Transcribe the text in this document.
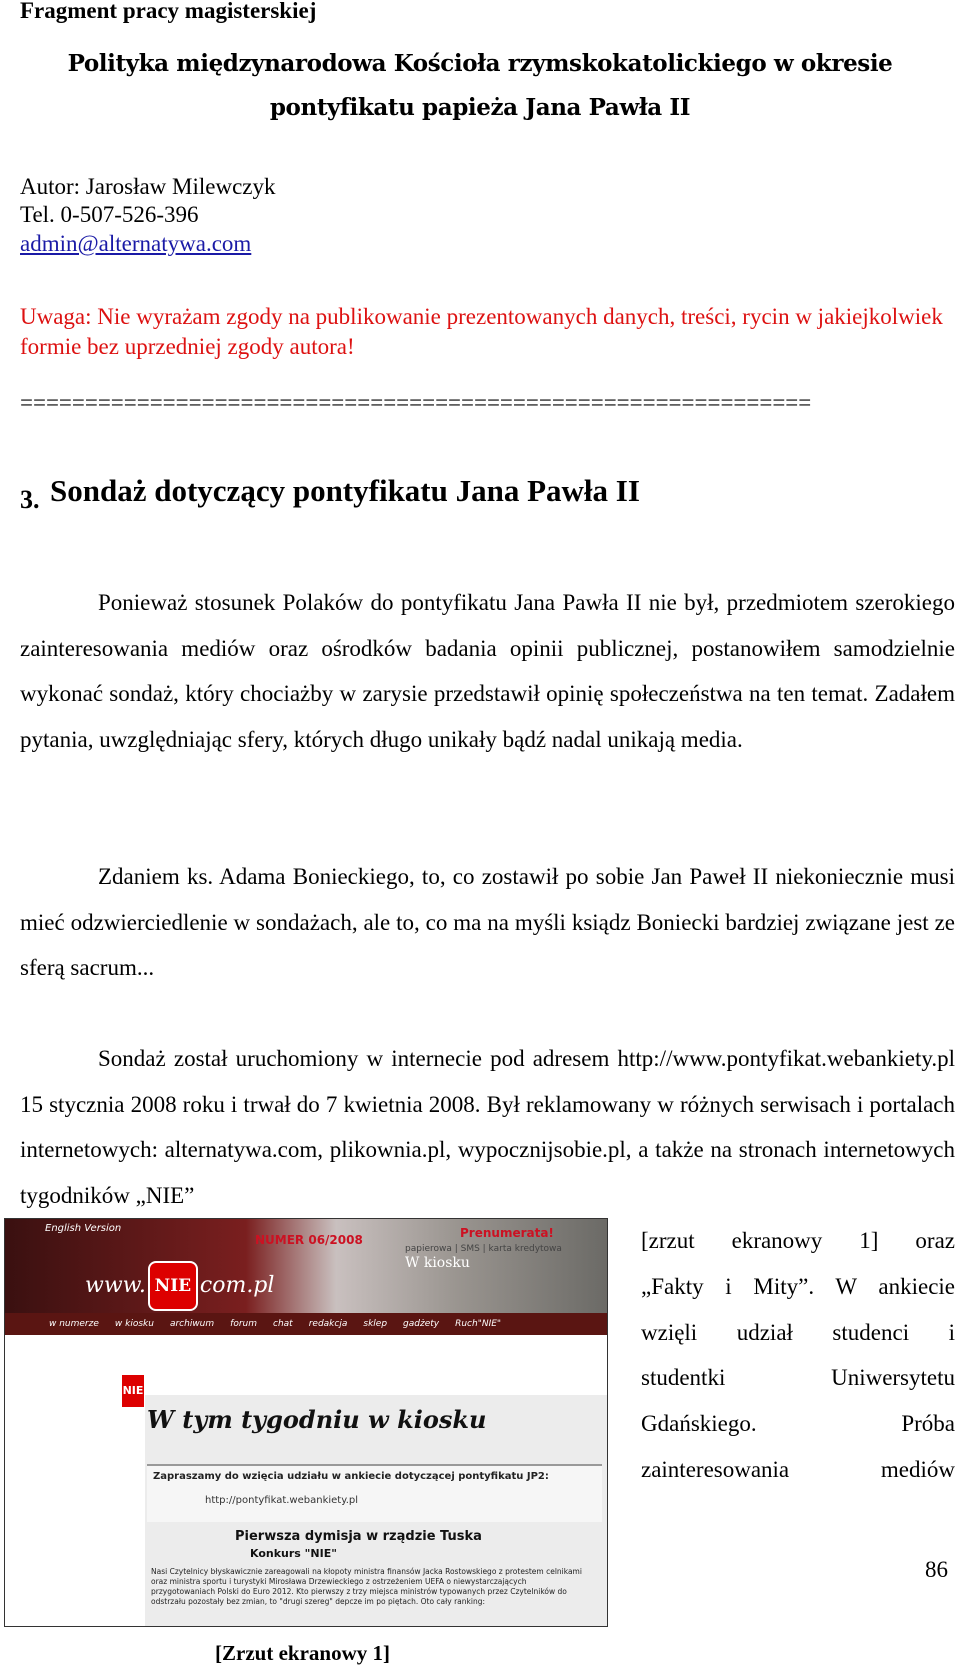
Fragment pracy magisterskiej
Polityka międzynarodowa Kościoła rzymskokatolickiego w okresie
pontyfikatu papieża Jana Pawła II
Autor: Jarosław Milewczyk
Tel. 0-507-526-396
admin@alternatywa.com
Uwaga: Nie wyrażam zgody na publikowanie prezentowanych danych, treści, rycin w jakiejkolwiek formie bez uprzedniej zgody autora!
=============================================================
3. Sondaż dotyczący pontyfikatu Jana Pawła II
Ponieważ stosunek Polaków do pontyfikatu Jana Pawła II nie był, przedmiotem szerokiego zainteresowania mediów oraz ośrodków badania opinii publicznej, postanowiłem samodzielnie wykonać sondaż, który chociażby w zarysie przedstawił opinię społeczeństwa na ten temat. Zadałem pytania, uwzględniając sfery, których długo unikały bądź nadal unikają media.
Zdaniem ks. Adama Bonieckiego, to, co zostawił po sobie Jan Paweł II niekoniecznie musi mieć odzwierciedlenie w sondażach, ale to, co ma na myśli ksiądz Boniecki bardziej związane jest ze sferą sacrum...
Sondaż został uruchomiony w internecie pod adresem http://www.pontyfikat.webankiety.pl 15 stycznia 2008 roku i trwał do 7 kwietnia 2008. Był reklamowany w różnych serwisach i portalach internetowych: alternatywa.com, plikownia.pl, wypocznijsobie.pl, a także na stronach internetowych tygodników „NIE”
[zrzut ekranowy 1] oraz
„Fakty i Mity”. W ankiecie
wzięli udział studenci i
studentki Uniwersytetu
Gdańskiego. Próba
zainteresowania mediów
English Version
www. NIE com.pl
W kiosku
w numerze w kiosku archiwum forum chat redakcja sklep gadżety Ruch"NIE"
NUMER 06/2008	Prenumerata!
papierowa | SMS | karta kredytowa
NIE
W tym tygodniu w kiosku
Zapraszamy do wzięcia udziału w ankiecie dotyczącej pontyfikatu JP2:
http://pontyfikat.webankiety.pl
Pierwsza dymisja w rządzie Tuska
Konkurs "NIE"
Nasi Czytelnicy błyskawicznie zareagowali na kłopoty ministra finansów Jacka Rostowskiego z protestem celnikami oraz ministra sportu i turystyki Mirosława Drzewieckiego z ostrzeżeniem UEFA o niewystarczających przygotowaniach Polski do Euro 2012. Kto pierwszy z trzy miejsca ministrów typowanych przez Czytelników do odstrzału pozostały bez zmian, to "drugi szereg" depcze im po piętach. Oto cały ranking:
86
[Zrzut ekranowy 1]
